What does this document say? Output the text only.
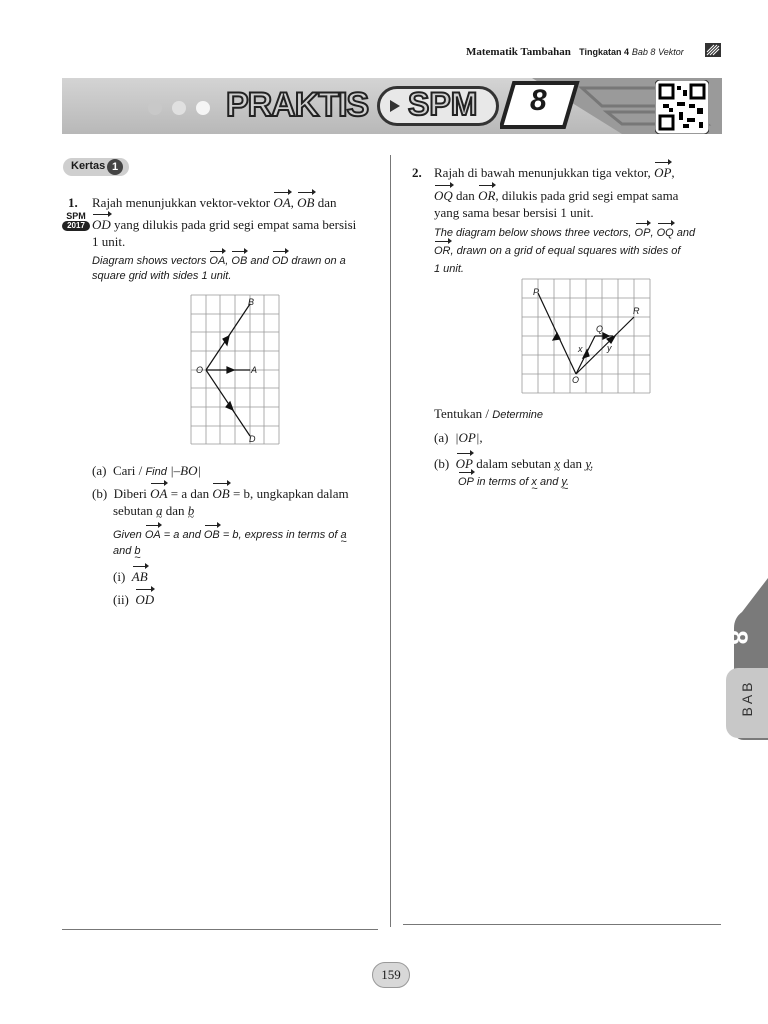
Matematik Tambahan Tingkatan 4 Bab 8 Vektor
PRAKTIS SPM 8
Kertas 1
1. Rajah menunjukkan vektor-vektor OA, OB dan
SPM
2017 OD yang dilukis pada grid segi empat sama bersisi
1 unit.
Diagram shows vectors OA, OB and OD drawn on a
square grid with sides 1 unit.
B
O	A
D
(a) Cari / Find |–BO|
(b) Diberi OA = a dan OB = b, ungkapkan dalam
sebutan a ~ dan b ~
Given OA = a and OB = b, express in terms of a ~
and b ~
(i) AB
(ii) OD
2. Rajah di bawah menunjukkan tiga vektor, OP,
OQ dan OR, dilukis pada grid segi empat sama
yang sama besar bersisi 1 unit.
The diagram below shows three vectors, OP, OQ and
OR, drawn on a grid of equal squares with sides of
1 unit.
P
Q
R
O
x	y
Tentukan / Determine
(a) |OP|,
(b) OP dalam sebutan x ~ dan y. ~
OP in terms of x ~ and y. ~
8
BAB
159
